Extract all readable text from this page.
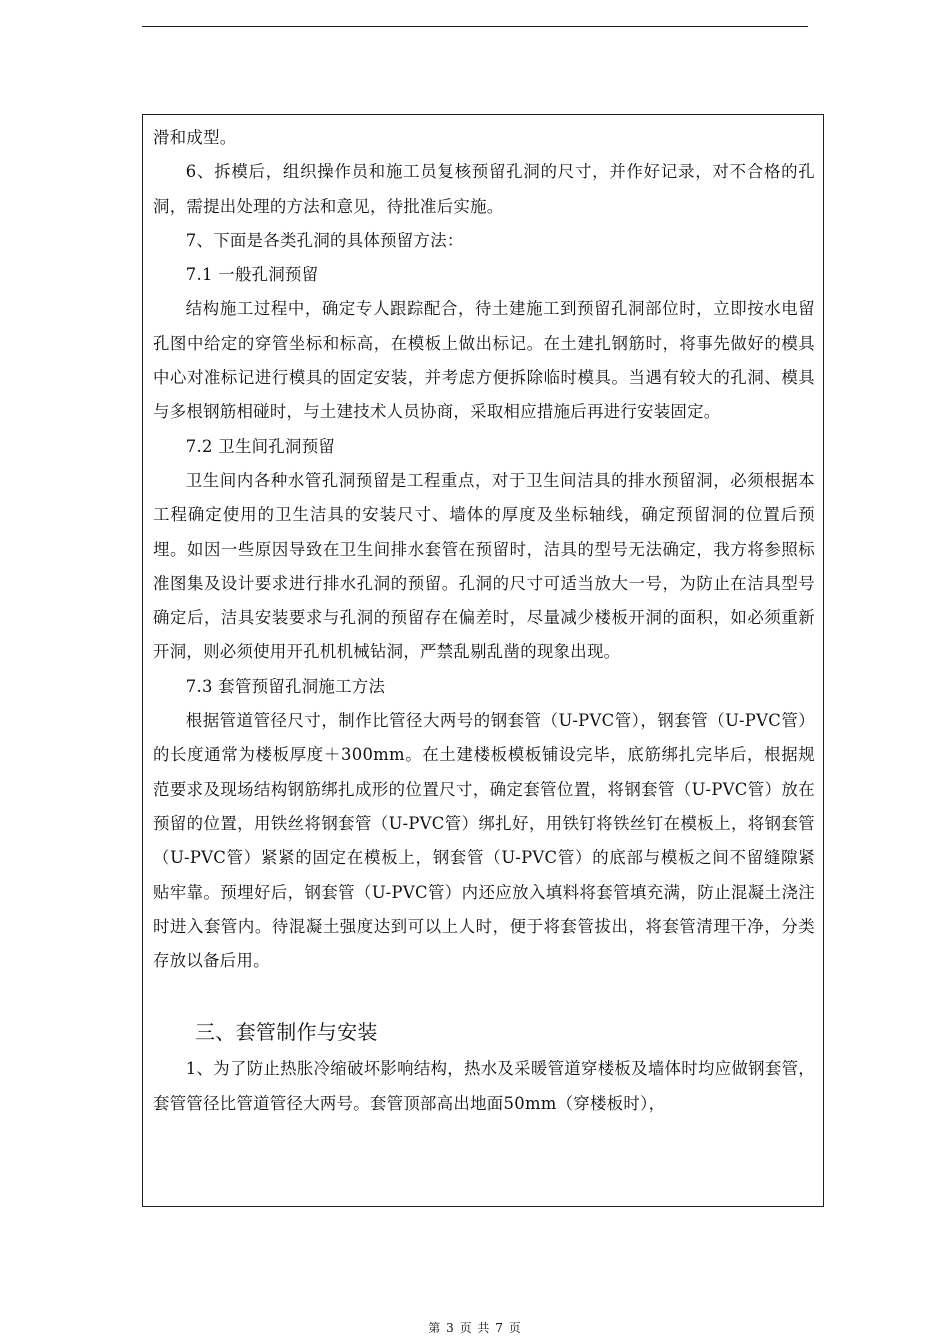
滑和成型。

6、拆模后，组织操作员和施工员复核预留孔洞的尺寸，并作好记录，对不合格的孔洞，需提出处理的方法和意见，待批准后实施。

7、下面是各类孔洞的具体预留方法：

7.1 一般孔洞预留

结构施工过程中，确定专人跟踪配合，待土建施工到预留孔洞部位时，立即按水电留孔图中给定的穿管坐标和标高，在模板上做出标记。在土建扎钢筋时，将事先做好的模具中心对准标记进行模具的固定安装，并考虑方便拆除临时模具。当遇有较大的孔洞、模具与多根钢筋相碰时，与土建技术人员协商，采取相应措施后再进行安装固定。

7.2 卫生间孔洞预留

卫生间内各种水管孔洞预留是工程重点，对于卫生间洁具的排水预留洞，必须根据本工程确定使用的卫生洁具的安装尺寸、墙体的厚度及坐标轴线，确定预留洞的位置后预埋。如因一些原因导致在卫生间排水套管在预留时，洁具的型号无法确定，我方将参照标准图集及设计要求进行排水孔洞的预留。孔洞的尺寸可适当放大一号，为防止在洁具型号确定后，洁具安装要求与孔洞的预留存在偏差时，尽量减少楼板开洞的面积，如必须重新开洞，则必须使用开孔机机械钻洞，严禁乱剔乱凿的现象出现。

7.3 套管预留孔洞施工方法

根据管道管径尺寸，制作比管径大两号的钢套管（U-PVC管），钢套管（U-PVC管）的长度通常为楼板厚度＋300mm。在土建楼板模板铺设完毕，底筋绑扎完毕后，根据规范要求及现场结构钢筋绑扎成形的位置尺寸，确定套管位置，将钢套管（U-PVC管）放在预留的位置，用铁丝将钢套管（U-PVC管）绑扎好，用铁钉将铁丝钉在模板上，将钢套管（U-PVC管）紧紧的固定在模板上，钢套管（U-PVC管）的底部与模板之间不留缝隙紧贴牢靠。预埋好后，钢套管（U-PVC管）内还应放入填料将套管填充满，防止混凝土浇注时进入套管内。待混凝土强度达到可以上人时，便于将套管拔出，将套管清理干净，分类存放以备后用。

三、套管制作与安装

1、为了防止热胀冷缩破坏影响结构，热水及采暖管道穿楼板及墙体时均应做钢套管，套管管径比管道管径大两号。套管顶部高出地面50mm（穿楼板时），

第 3 页 共 7 页
